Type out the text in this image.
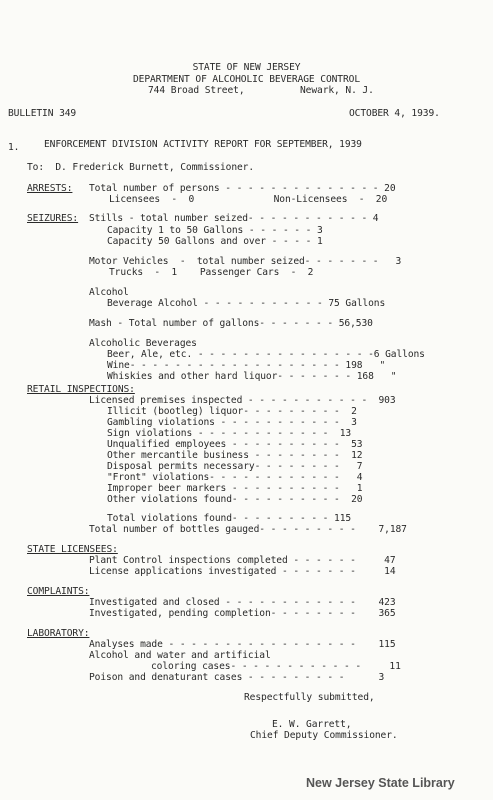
STATE OF NEW JERSEY
DEPARTMENT OF ALCOHOLIC BEVERAGE CONTROL
744 Broad Street,	Newark, N. J.
BULLETIN 349	OCTOBER 4, 1939.
1.	ENFORCEMENT DIVISION ACTIVITY REPORT FOR SEPTEMBER, 1939
To:  D. Frederick Burnett, Commissioner.
ARRESTS: Total number of persons - - - - - - - - - - - - - - 20
Licensees  -  0              Non-Licensees  -  20
SEIZURES: Stills - total number seized- - - - - - - - - - - 4
Capacity 1 to 50 Gallons - - - - - - 3
Capacity 50 Gallons and over - - - - 1
Motor Vehicles  -  total number seized- - - - - - -   3
Trucks  -  1    Passenger Cars  -  2
Alcohol
Beverage Alcohol - - - - - - - - - - - 75 Gallons
Mash - Total number of gallons- - - - - - - 56,530
Alcoholic Beverages
Beer, Ale, etc. - - - - - - - - - - - - - - - -6 Gallons
Wine- - - - - - - - - - - - - - - - - - - 198   "
Whiskies and other hard liquor- - - - - - - 168   "
RETAIL INSPECTIONS:
Licensed premises inspected - - - - - - - - - - -  903
Illicit (bootleg) liquor- - - - - - - - -  2
Gambling violations - - - - - - - - - - -  3
Sign violations - - - - - - - - - - - -  13
Unqualified employees - - - - - - - - - -  53
Other mercantile business - - - - - - - -  12
Disposal permits necessary- - - - - - - -   7
"Front" violations- - - - - - - - - - - -   4
Improper beer markers - - - - - - - - - -   1
Other violations found- - - - - - - - - -  20
Total violations found- - - - - - - - - 115
Total number of bottles gauged- - - - - - - - -    7,187
STATE LICENSEES:
Plant Control inspections completed - - - - - -     47
License applications investigated - - - - - - -     14
COMPLAINTS:
Investigated and closed - - - - - - - - - - - -    423
Investigated, pending completion- - - - - - - -    365
LABORATORY:
Analyses made - - - - - - - - - - - - - - - - -    115
Alcohol and water and artificial
coloring cases- - - - - - - - - - - -     11
Poison and denaturant cases - - - - - - - - -      3
Respectfully submitted,
E. W. Garrett,
Chief Deputy Commissioner.
New Jersey State Library
